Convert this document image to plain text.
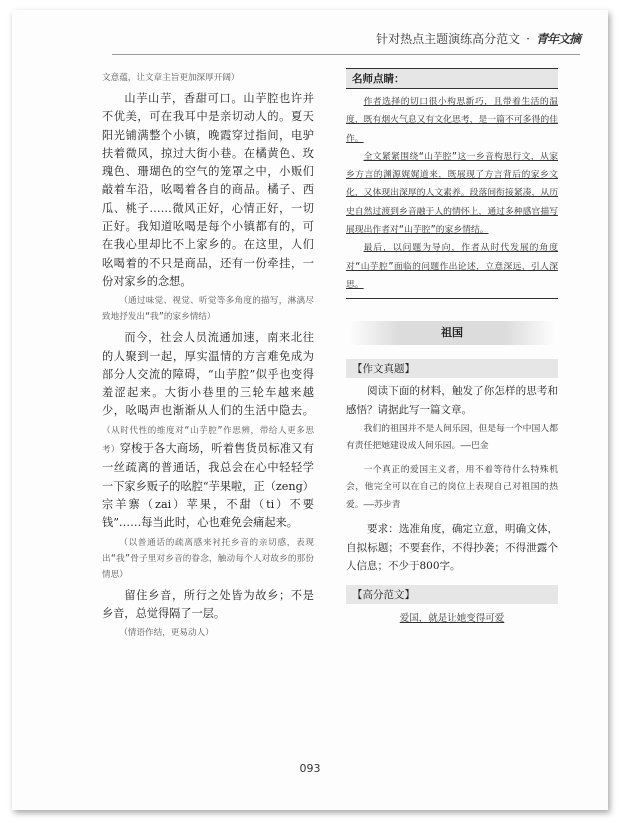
针对热点主题演练高分范文 · 青年文摘

文意蕴，让文章主旨更加深厚开阔）

山芋山芋，香甜可口。山芋腔也许并不优美，可在我耳中是亲切动人的。夏天阳光铺满整个小镇，晚霞穿过指间，电驴扶着微风，掠过大街小巷。在橘黄色、玫瑰色、珊瑚色的空气的笼罩之中，小贩们敲着车沿，吆喝着各自的商品。橘子、西瓜、桃子……微风正好，心情正好，一切正好。我知道吆喝是每个小镇都有的，可在我心里却比不上家乡的。在这里，人们吆喝着的不只是商品，还有一份牵挂，一份对家乡的念想。

（通过味觉、视觉、听觉等多角度的描写，淋漓尽致地抒发出“我”的家乡情结）

而今，社会人员流通加速，南来北往的人聚到一起，厚实温情的方言难免成为部分人交流的障碍，“山芋腔”似乎也变得羞涩起来。大街小巷里的三轮车越来越少，吆喝声也渐渐从人们的生活中隐去。（从时代性的维度对“山芋腔”作思辨，带给人更多思考）穿梭于各大商场，听着售货员标准又有一丝疏离的普通话，我总会在心中轻轻学一下家乡贩子的吆腔“芋果啦，正（zeng）宗羊寨（zai）苹果，不甜（ti）不要钱”……每当此时，心也难免会痛起来。

（以普通话的疏离感来衬托乡音的亲切感，表现出“我”骨子里对乡音的眷念，触动每个人对故乡的那份情思）

留住乡音，所行之处皆为故乡；不是乡音，总觉得隔了一层。

（情语作结，更易动人）

名师点睛：

作者选择的切口很小构思新巧，且带着生活的温度，既有烟火气息又有文化思考，是一篇不可多得的佳作。

全文紧紧围绕“山芋腔”这一乡音构思行文，从家乡方言的渊源娓娓道来，既展现了方言背后的家乡文化，又体现出深厚的人文素养。段落间衔接紧凑，从历史自然过渡到乡音融于人的情怀上，通过多种感官描写展现出作者对“山芋腔”的家乡情结。

最后，以问题为导向，作者从时代发展的角度对“山芋腔”面临的问题作出论述，立意深远，引人深思。

祖国
【作文真题】

阅读下面的材料，触发了你怎样的思考和感悟？请据此写一篇文章。

我们的祖国并不是人间乐园，但是每一个中国人都有责任把她建设成人间乐园。——巴金

一个真正的爱国主义者，用不着等待什么特殊机会，他完全可以在自己的岗位上表现自己对祖国的热爱。——苏步青

要求：选准角度，确定立意，明确文体，自拟标题；不要套作，不得抄袭；不得泄露个人信息；不少于800字。

【高分范文】
爱国，就是让她变得可爱
093
